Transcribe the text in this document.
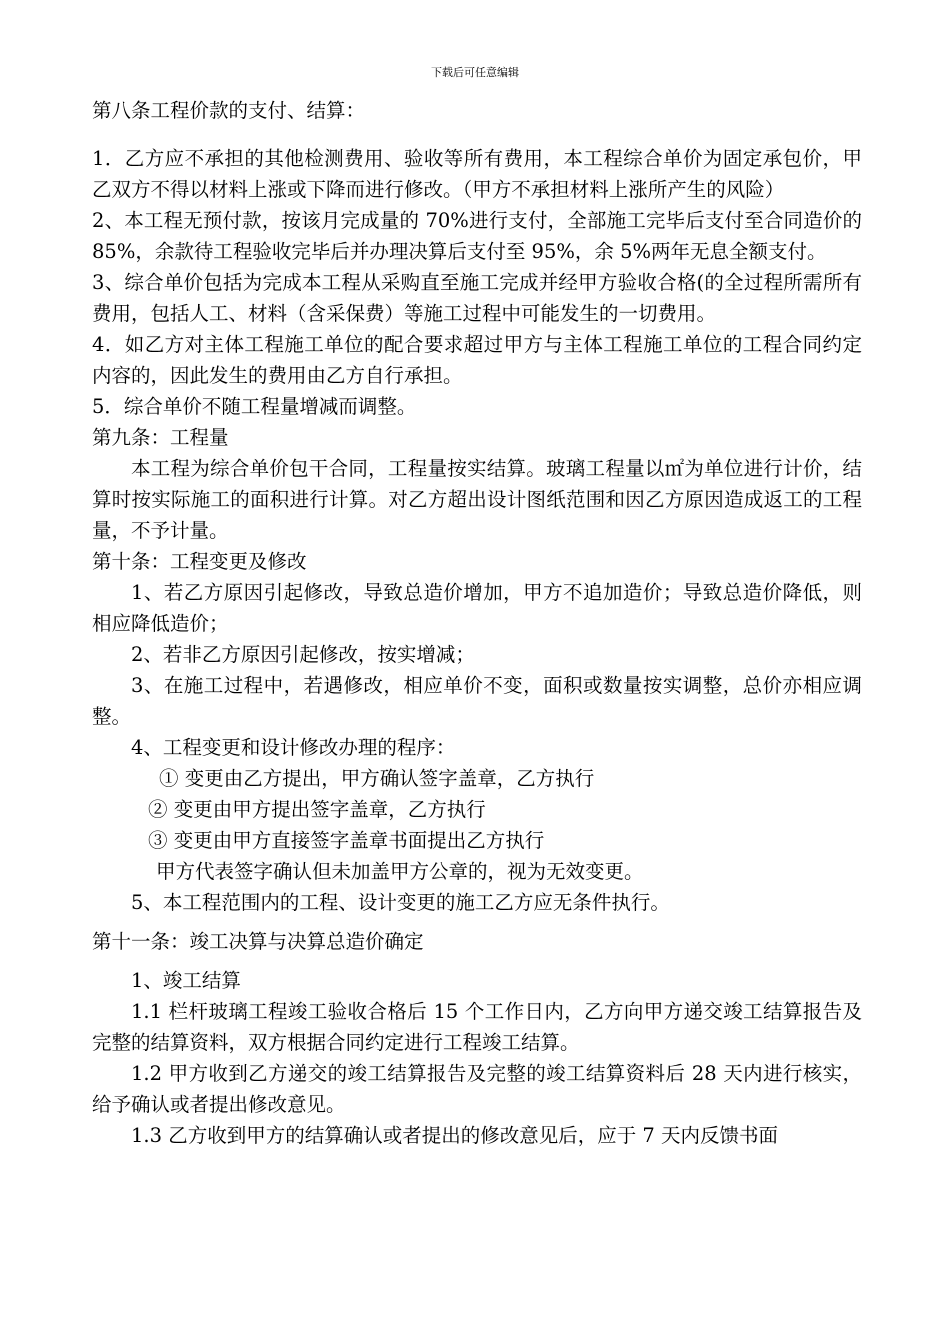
下载后可任意编辑

第八条工程价款的支付、结算：

1．乙方应不承担的其他检测费用、验收等所有费用，本工程综合单价为固定承包价，甲乙双方不得以材料上涨或下降而进行修改。（甲方不承担材料上涨所产生的风险）

2、本工程无预付款，按该月完成量的 70%进行支付，全部施工完毕后支付至合同造价的 85%，余款待工程验收完毕后并办理决算后支付至 95%，余 5%两年无息全额支付。

3、综合单价包括为完成本工程从采购直至施工完成并经甲方验收合格(的全过程所需所有费用，包括人工、材料（含采保费）等施工过程中可能发生的一切费用。

4．如乙方对主体工程施工单位的配合要求超过甲方与主体工程施工单位的工程合同约定内容的，因此发生的费用由乙方自行承担。

5．综合单价不随工程量增减而调整。

第九条：工程量

本工程为综合单价包干合同，工程量按实结算。玻璃工程量以㎡为单位进行计价，结算时按实际施工的面积进行计算。对乙方超出设计图纸范围和因乙方原因造成返工的工程量，不予计量。

第十条：工程变更及修改

1、若乙方原因引起修改，导致总造价增加，甲方不追加造价；导致总造价降低，则相应降低造价；

2、若非乙方原因引起修改，按实增减；

3、在施工过程中，若遇修改，相应单价不变，面积或数量按实调整，总价亦相应调整。

4、工程变更和设计修改办理的程序：

① 变更由乙方提出，甲方确认签字盖章，乙方执行

② 变更由甲方提出签字盖章，乙方执行

③ 变更由甲方直接签字盖章书面提出乙方执行

甲方代表签字确认但未加盖甲方公章的，视为无效变更。

5、本工程范围内的工程、设计变更的施工乙方应无条件执行。

第十一条：竣工决算与决算总造价确定

1、竣工结算

1.1 栏杆玻璃工程竣工验收合格后 15 个工作日内，乙方向甲方递交竣工结算报告及完整的结算资料，双方根据合同约定进行工程竣工结算。

1.2 甲方收到乙方递交的竣工结算报告及完整的竣工结算资料后 28 天内进行核实，给予确认或者提出修改意见。

1.3 乙方收到甲方的结算确认或者提出的修改意见后，应于 7 天内反馈书面
